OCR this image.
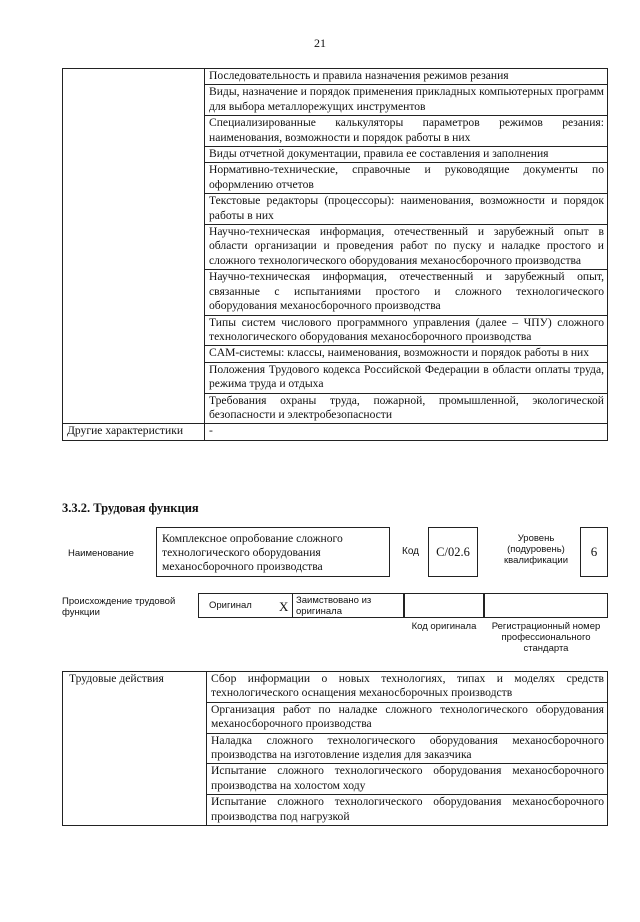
21
	Последовательность и правила назначения режимов резания
	Виды, назначение и порядок применения прикладных компьютерных программ для выбора металлорежущих инструментов
	Специализированные калькуляторы параметров режимов резания: наименования, возможности и порядок работы в них
	Виды отчетной документации, правила ее составления и заполнения
	Нормативно-технические, справочные и руководящие документы по оформлению отчетов
	Текстовые редакторы (процессоры): наименования, возможности и порядок работы в них
	Научно-техническая информация, отечественный и зарубежный опыт в области организации и проведения работ по пуску и наладке простого и сложного технологического оборудования механосборочного производства
	Научно-техническая информация, отечественный и зарубежный опыт, связанные с испытаниями простого и сложного технологического оборудования механосборочного производства
	Типы систем числового программного управления (далее – ЧПУ) сложного технологического оборудования механосборочного производства
	CAM-системы: классы, наименования, возможности и порядок работы в них
	Положения Трудового кодекса Российской Федерации в области оплаты труда, режима труда и отдыха
	Требования охраны труда, пожарной, промышленной, экологической безопасности и электробезопасности
Другие характеристики	-
3.3.2. Трудовая функция
Наименование
Комплексное опробование сложного технологического оборудования механосборочного производства
Код	C/02.6
Уровень (подуровень) квалификации
6
Происхождение трудовой функции
Оригинал X Заимствовано из оригинала
Код оригинала	Регистрационный номер профессионального стандарта
Трудовые действия	Сбор информации о новых технологиях, типах и моделях средств технологического оснащения механосборочных производств
Организация работ по наладке сложного технологического оборудования механосборочного производства
Наладка сложного технологического оборудования механосборочного производства на изготовление изделия для заказчика
Испытание сложного технологического оборудования механосборочного производства на холостом ходу
Испытание сложного технологического оборудования механосборочного производства под нагрузкой
